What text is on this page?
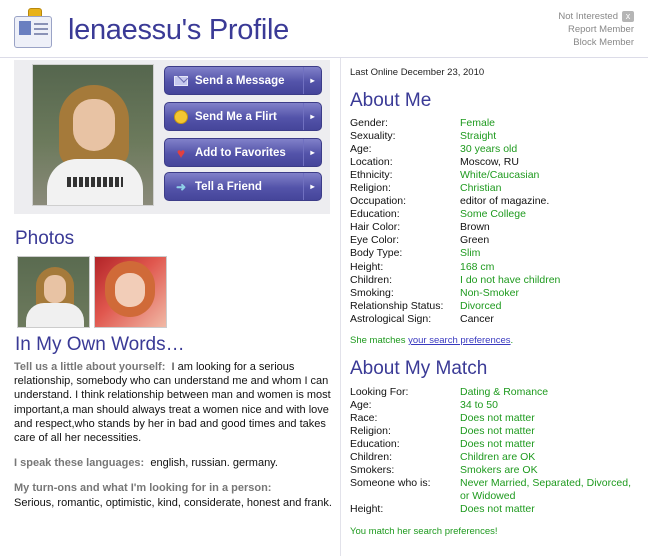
lenaessu's Profile	Not Interested x
Report Member
Block Member
Send a Message	▸
Send Me a Flirt	▸
♥ Add to Favorites	▸
➜ Tell a Friend	▸
Photos
In My Own Words…

Tell us a little about yourself: I am looking for a serious relationship, somebody who can understand me and whom I can understand. I think relationship between man and women is most important,a man should always treat a women nice and with love and respect,who stands by her in bad and good times and takes care of all her necessities.

I speak these languages: english, russian. germany.

My turn-ons and what I'm looking for in a person:
Serious, romantic, optimistic, kind, considerate, honest and frank.

Last Online December 23, 2010
About Me
Gender:	Female
Sexuality:	Straight
Age:	30 years old
Location:	Moscow, RU
Ethnicity:	White/Caucasian
Religion:	Christian
Occupation:	editor of magazine.
Education:	Some College
Hair Color:	Brown
Eye Color:	Green
Body Type:	Slim
Height:	168 cm
Children:	I do not have children
Smoking:	Non-Smoker
Relationship Status:	Divorced
Astrological Sign:	Cancer
She matches your search preferences.
About My Match
Looking For:	Dating & Romance
Age:	34 to 50
Race:	Does not matter
Religion:	Does not matter
Education:	Does not matter
Children:	Children are OK
Smokers:	Smokers are OK
Someone who is:	Never Married, Separated, Divorced, or Widowed
Height:	Does not matter
You match her search preferences!
